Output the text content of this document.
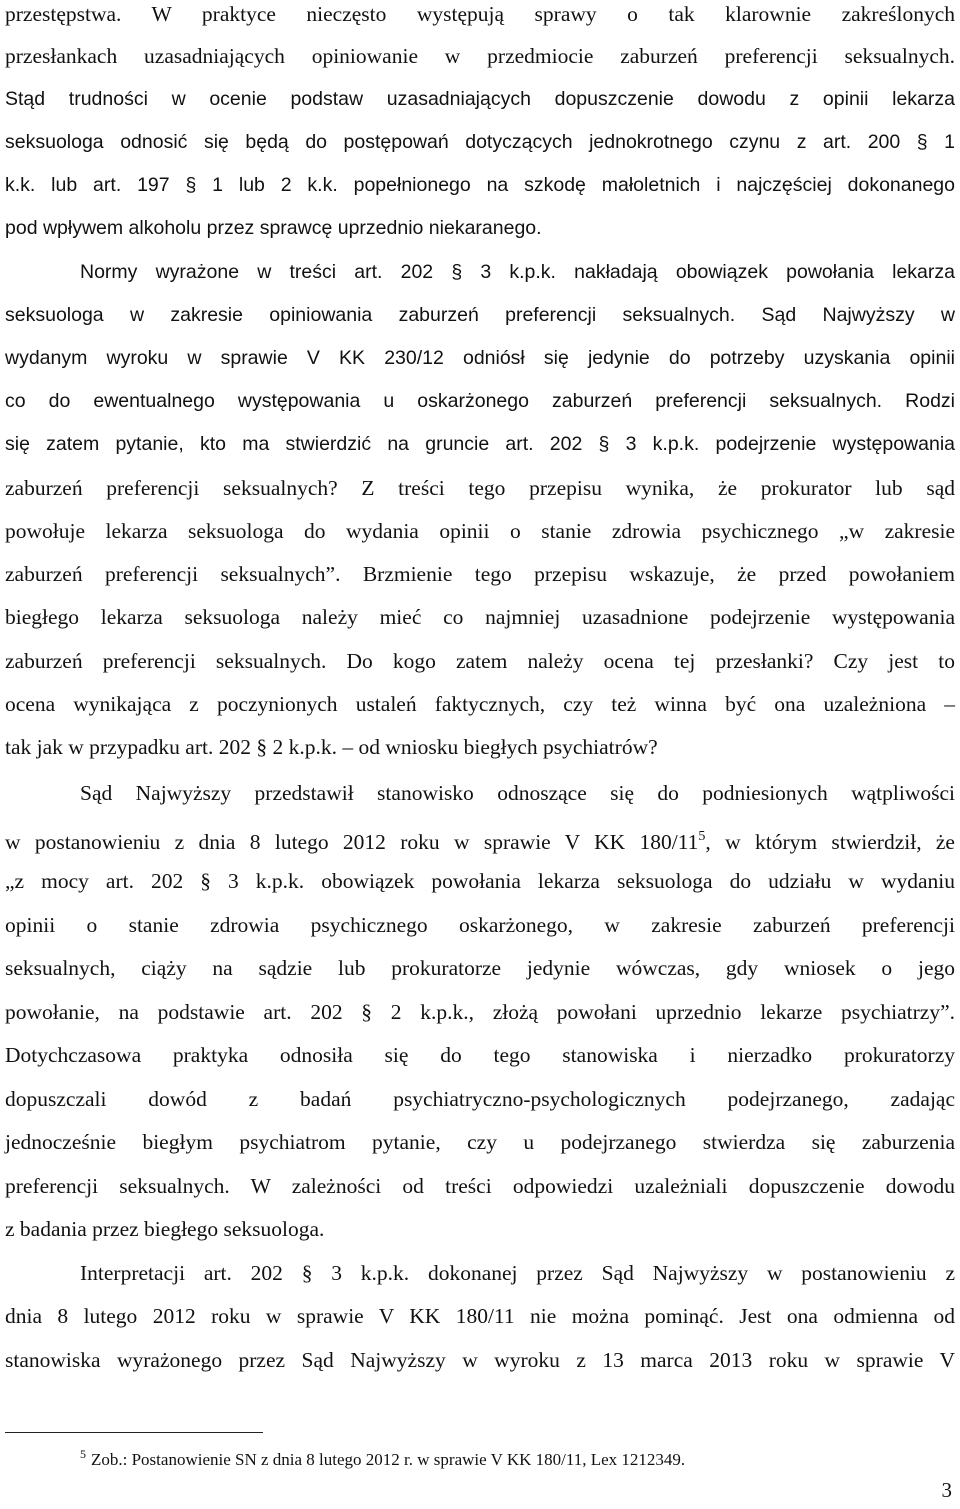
przestępstwa. W praktyce nieczęsto występują sprawy o tak klarownie zakreślonych
przesłankach uzasadniających opiniowanie w przedmiocie zaburzeń preferencji seksualnych.
Stąd trudności w ocenie podstaw uzasadniających dopuszczenie dowodu z opinii lekarza
seksuologa odnosić się będą do postępowań dotyczących jednokrotnego czynu z art. 200 § 1
k.k. lub art. 197 § 1 lub 2 k.k. popełnionego na szkodę małoletnich i najczęściej dokonanego
pod wpływem alkoholu przez sprawcę uprzednio niekaranego.
Normy wyrażone w treści art. 202 § 3 k.p.k. nakładają obowiązek powołania lekarza
seksuologa w zakresie opiniowania zaburzeń preferencji seksualnych. Sąd Najwyższy w
wydanym wyroku w sprawie V KK 230/12 odniósł się jedynie do potrzeby uzyskania opinii
co do ewentualnego występowania u oskarżonego zaburzeń preferencji seksualnych. Rodzi
się zatem pytanie, kto ma stwierdzić na gruncie art. 202 § 3 k.p.k. podejrzenie występowania
zaburzeń preferencji seksualnych? Z treści tego przepisu wynika, że prokurator lub sąd
powołuje lekarza seksuologa do wydania opinii o stanie zdrowia psychicznego „w zakresie
zaburzeń preferencji seksualnych”. Brzmienie tego przepisu wskazuje, że przed powołaniem
biegłego lekarza seksuologa należy mieć co najmniej uzasadnione podejrzenie występowania
zaburzeń preferencji seksualnych. Do kogo zatem należy ocena tej przesłanki? Czy jest to
ocena wynikająca z poczynionych ustaleń faktycznych, czy też winna być ona uzależniona –
tak jak w przypadku art. 202 § 2 k.p.k. – od wniosku biegłych psychiatrów?
Sąd Najwyższy przedstawił stanowisko odnoszące się do podniesionych wątpliwości
w postanowieniu z dnia 8 lutego 2012 roku w sprawie V KK $180/11^5$, w którym stwierdził, że
„z mocy art. 202 § 3 k.p.k. obowiązek powołania lekarza seksuologa do udziału w wydaniu
opinii o stanie zdrowia psychicznego oskarżonego, w zakresie zaburzeń preferencji
seksualnych, ciąży na sądzie lub prokuratorze jedynie wówczas, gdy wniosek o jego
powołanie, na podstawie art. 202 § 2 k.p.k., złożą powołani uprzednio lekarze psychiatrzy”.
Dotychczasowa praktyka odnosiła się do tego stanowiska i nierzadko prokuratorzy
dopuszczali dowód z badań psychiatryczno-psychologicznych podejrzanego, zadając
jednocześnie biegłym psychiatrom pytanie, czy u podejrzanego stwierdza się zaburzenia
preferencji seksualnych. W zależności od treści odpowiedzi uzależniali dopuszczenie dowodu
z badania przez biegłego seksuologa.
Interpretacji art. 202 § 3 k.p.k. dokonanej przez Sąd Najwyższy w postanowieniu z
dnia 8 lutego 2012 roku w sprawie V KK 180/11 nie można pominąć. Jest ona odmienna od
stanowiska wyrażonego przez Sąd Najwyższy w wyroku z 13 marca 2013 roku w sprawie V
$^5$ Zob.: Postanowienie SN z dnia 8 lutego 2012 r. w sprawie V KK 180/11, Lex 1212349.
3
